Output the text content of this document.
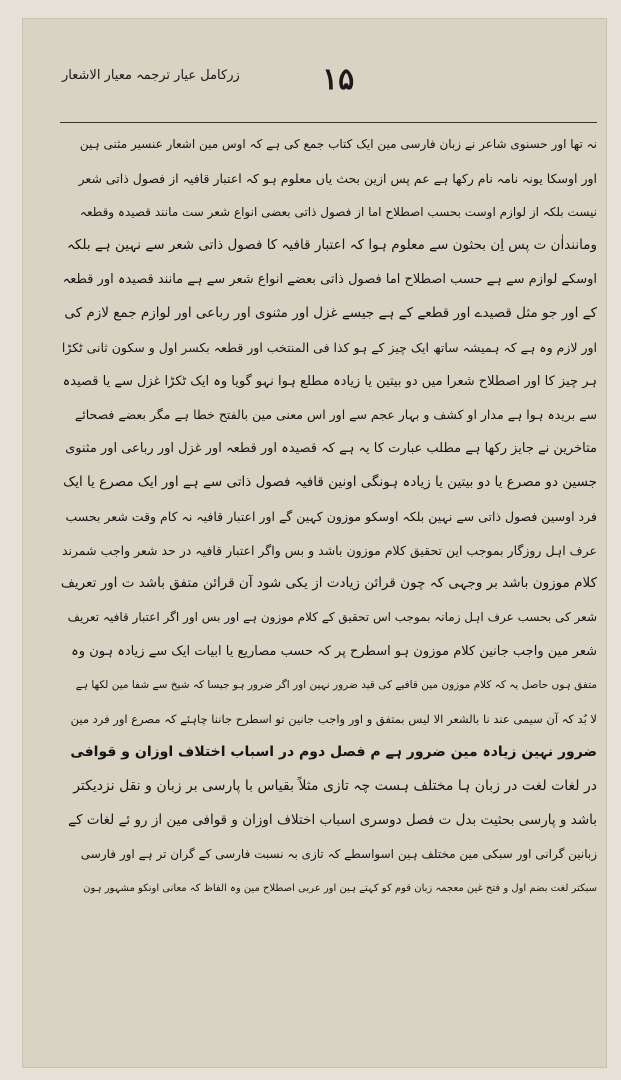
۱۵
زرکامل عیار ترجمہ معیار الاشعار
نہ تھا اور حسنوی شاعر نے زبان فارسی مین ایک کتاب جمع کی ہے کہ اوس مین اشعار عنسیر مثنی ہین
اور اوسکا یونہ نامہ نام رکھا ہے عم پس ازین بحث یاں معلوم ہو کہ اعتبار قافیہ از فصول ذاتی شعر
نیست بلکہ از لوازم اوست بحسب اصطلاح اما از فصول ذاتی بعضی انواع شعر ست مانند قصیدہ وقطعہ
وماننداٰن ت پس اِن بحثون سے معلوم ہوا کہ اعتبار قافیہ کا فصول ذاتی شعر سے نہین ہے بلکہ
اوسکے لوازم سے ہے حسب اصطلاح اما فصول ذاتی بعضے انواع شعر سے ہے مانند قصیدہ اور قطعہ
کے اور جو مثل قصیدے اور قطعے کے ہے جیسے غزل اور مثنوی اور رباعی اور لوازم جمع لازم کی
اور لازم وہ ہے کہ ہمیشہ ساتھ ایک چیز کے ہو کذا فی المنتخب اور قطعہ بکسر اول و سکون ثانی ٹکڑا
ہر چیز کا اور اصطلاح شعرا میں دو بیتین یا زیادہ مطلع ہوا نہو گویا وہ ایک ٹکڑا غزل سے یا قصیدہ
سے بریدہ ہوا ہے مدار او کشف و بہار عجم سے اور اس معنی مین بالفتح خطا ہے مگر بعضے فصحائے
متاخرین نے جایز رکھا ہے مطلب عبارت کا یہ ہے کہ قصیدہ اور قطعہ اور غزل اور رباعی اور مثنوی
جسین دو مصرع یا دو بیتین یا زیادہ ہونگی اونین قافیہ فصول ذاتی سے ہے اور ایک مصرع یا ایک
فرد اوسین فصول ذاتی سے نہین بلکہ اوسکو موزون کہین گے اور اعتبار قافیہ نہ کام وقت شعر بحسب
عرف اہل روزگار بموجب این تحقیق کلام موزون باشد و بس واگر اعتبار قافیہ در حد شعر واجب شمرند
کلام موزون باشد بر وجہی کہ چون قرائن زیادت از یکی شود آن قرائن متفق باشد ت اور تعریف
شعر کی بحسب عرف اہل زمانہ بموجب اس تحقیق کے کلام موزون ہے اور بس اور اگر اعتبار قافیہ تعریف
شعر مین واجب جانین کلام موزون ہو اسطرح پر کہ حسب مصاریع یا ابیات ایک سے زیادہ ہون وہ
متفق ہوں حاصل یہ کہ کلام موزون مین قافیے کی قید ضرور نہین اور اگر ضرور ہو جیسا کہ شیخ سے شفا مین لکھا ہے
لا بُد کہ آن سیمی عند نا بالشعر الا لیس بمتفق و اور واجب جانین تو اسطرح جاننا چاہئے کہ مصرع اور فرد مین
ضرور نہین زیادہ مین ضرور ہے م فصل دوم در اسباب اختلاف اوزان و قوافی
در لغات لغت در زبان ہا مختلف ہست چہ تازی مثلاً بقیاس با پارسی بر زبان و نقل نزدیکتر
باشد و پارسی بحثیت بدل ت فصل دوسری اسباب اختلاف اوزان و قوافی مین از رو ئے لغات کے
زبانین گرانی اور سبکی مین مختلف ہین اسواسطے کہ تازی بہ نسبت فارسی کے گران تر ہے اور فارسی
سبکتر لغت بضم اول و فتح غین معجمہ زبان قوم کو کہتے ہین اور عربی اصطلاح مین وہ الفاظ کہ معانی اونکو مشہور ہون
